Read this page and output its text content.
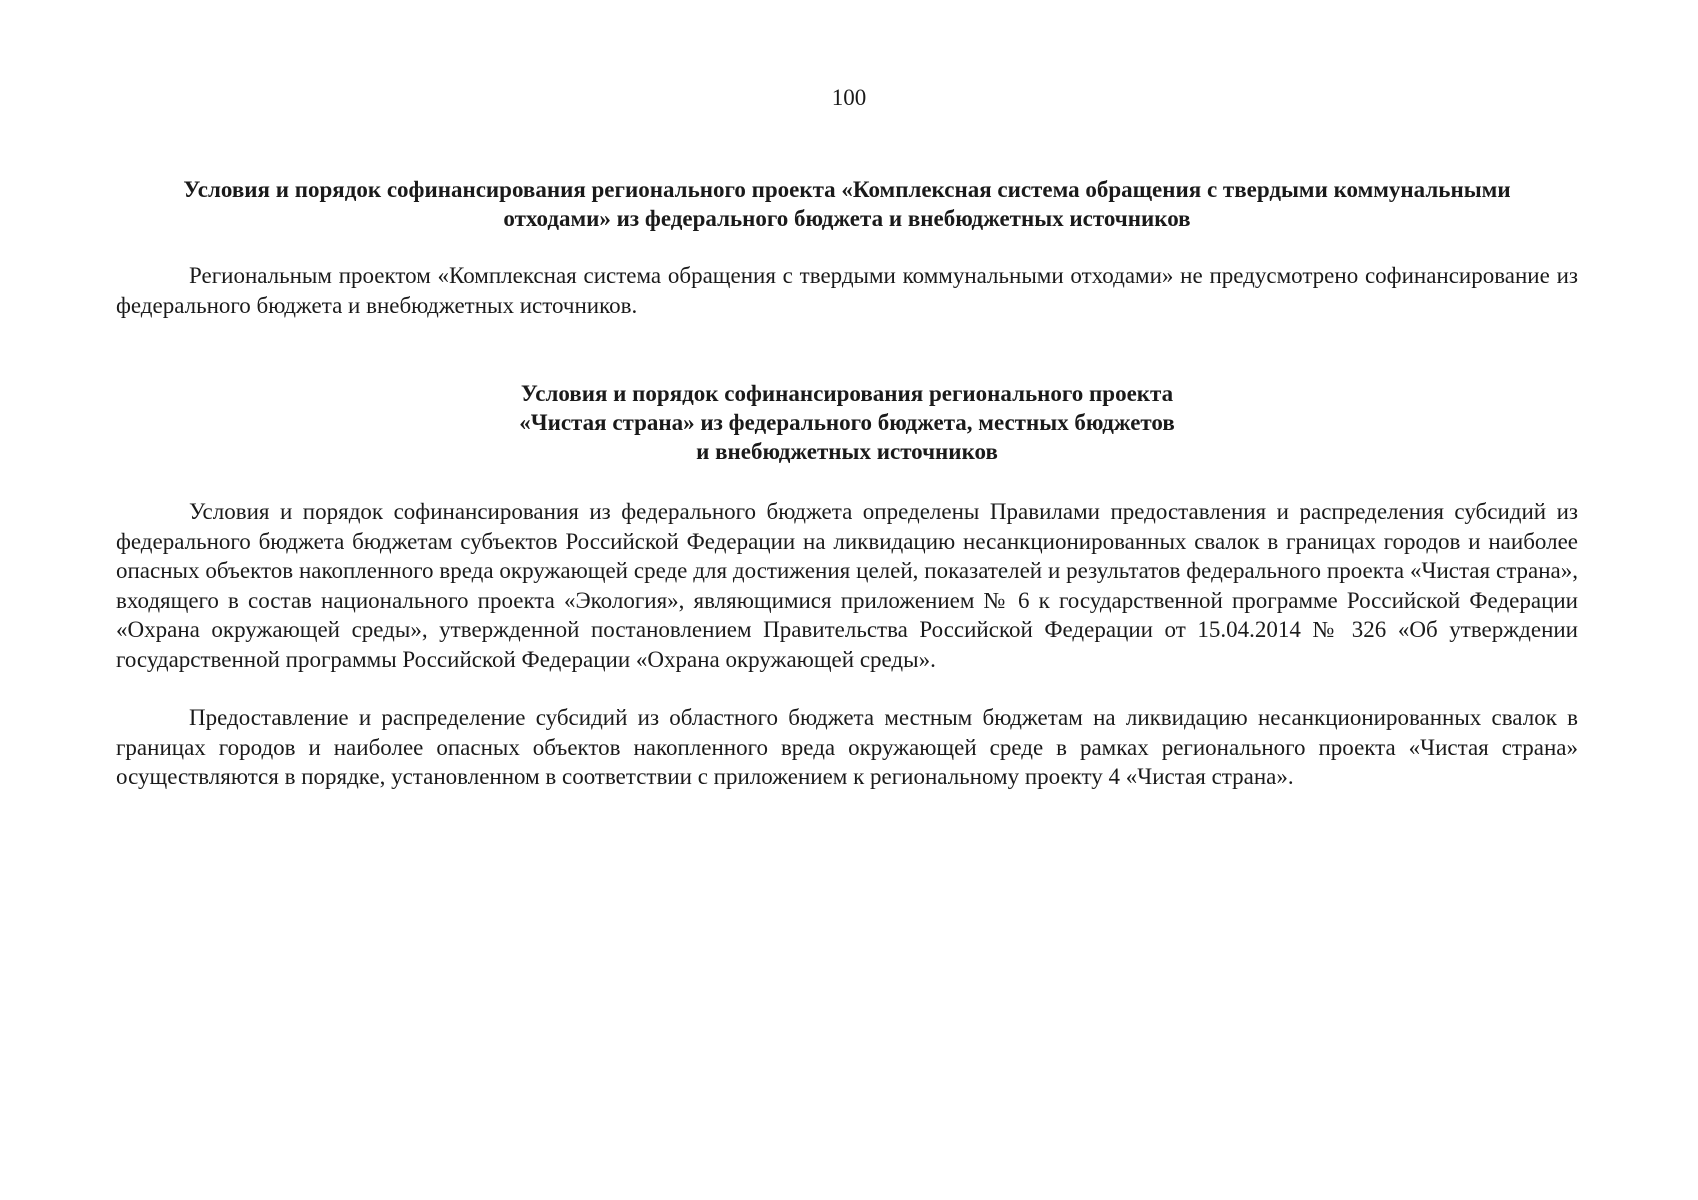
100
Условия и порядок софинансирования регионального проекта «Комплексная система обращения с твердыми коммунальными
отходами» из федерального бюджета и внебюджетных источников

Региональным проектом «Комплексная система обращения с твердыми коммунальными отходами» не предусмотрено софинансирование из федерального бюджета и внебюджетных источников.

Условия и порядок софинансирования регионального проекта
«Чистая страна» из федерального бюджета, местных бюджетов
и внебюджетных источников

Условия и порядок софинансирования из федерального бюджета определены Правилами предоставления и распределения субсидий из федерального бюджета бюджетам субъектов Российской Федерации на ликвидацию несанкционированных свалок в границах городов и наиболее опасных объектов накопленного вреда окружающей среде для достижения целей, показателей и результатов федерального проекта «Чистая страна», входящего в состав национального проекта «Экология», являющимися приложением № 6 к государственной программе Российской Федерации «Охрана окружающей среды», утвержденной постановлением Правительства Российской Федерации от 15.04.2014 № 326 «Об утверждении государственной программы Российской Федерации «Охрана окружающей среды».

Предоставление и распределение субсидий из областного бюджета местным бюджетам на ликвидацию несанкционированных свалок в границах городов и наиболее опасных объектов накопленного вреда окружающей среде в рамках регионального проекта «Чистая страна» осуществляются в порядке, установленном в соответствии с приложением к региональному проекту 4 «Чистая страна».
